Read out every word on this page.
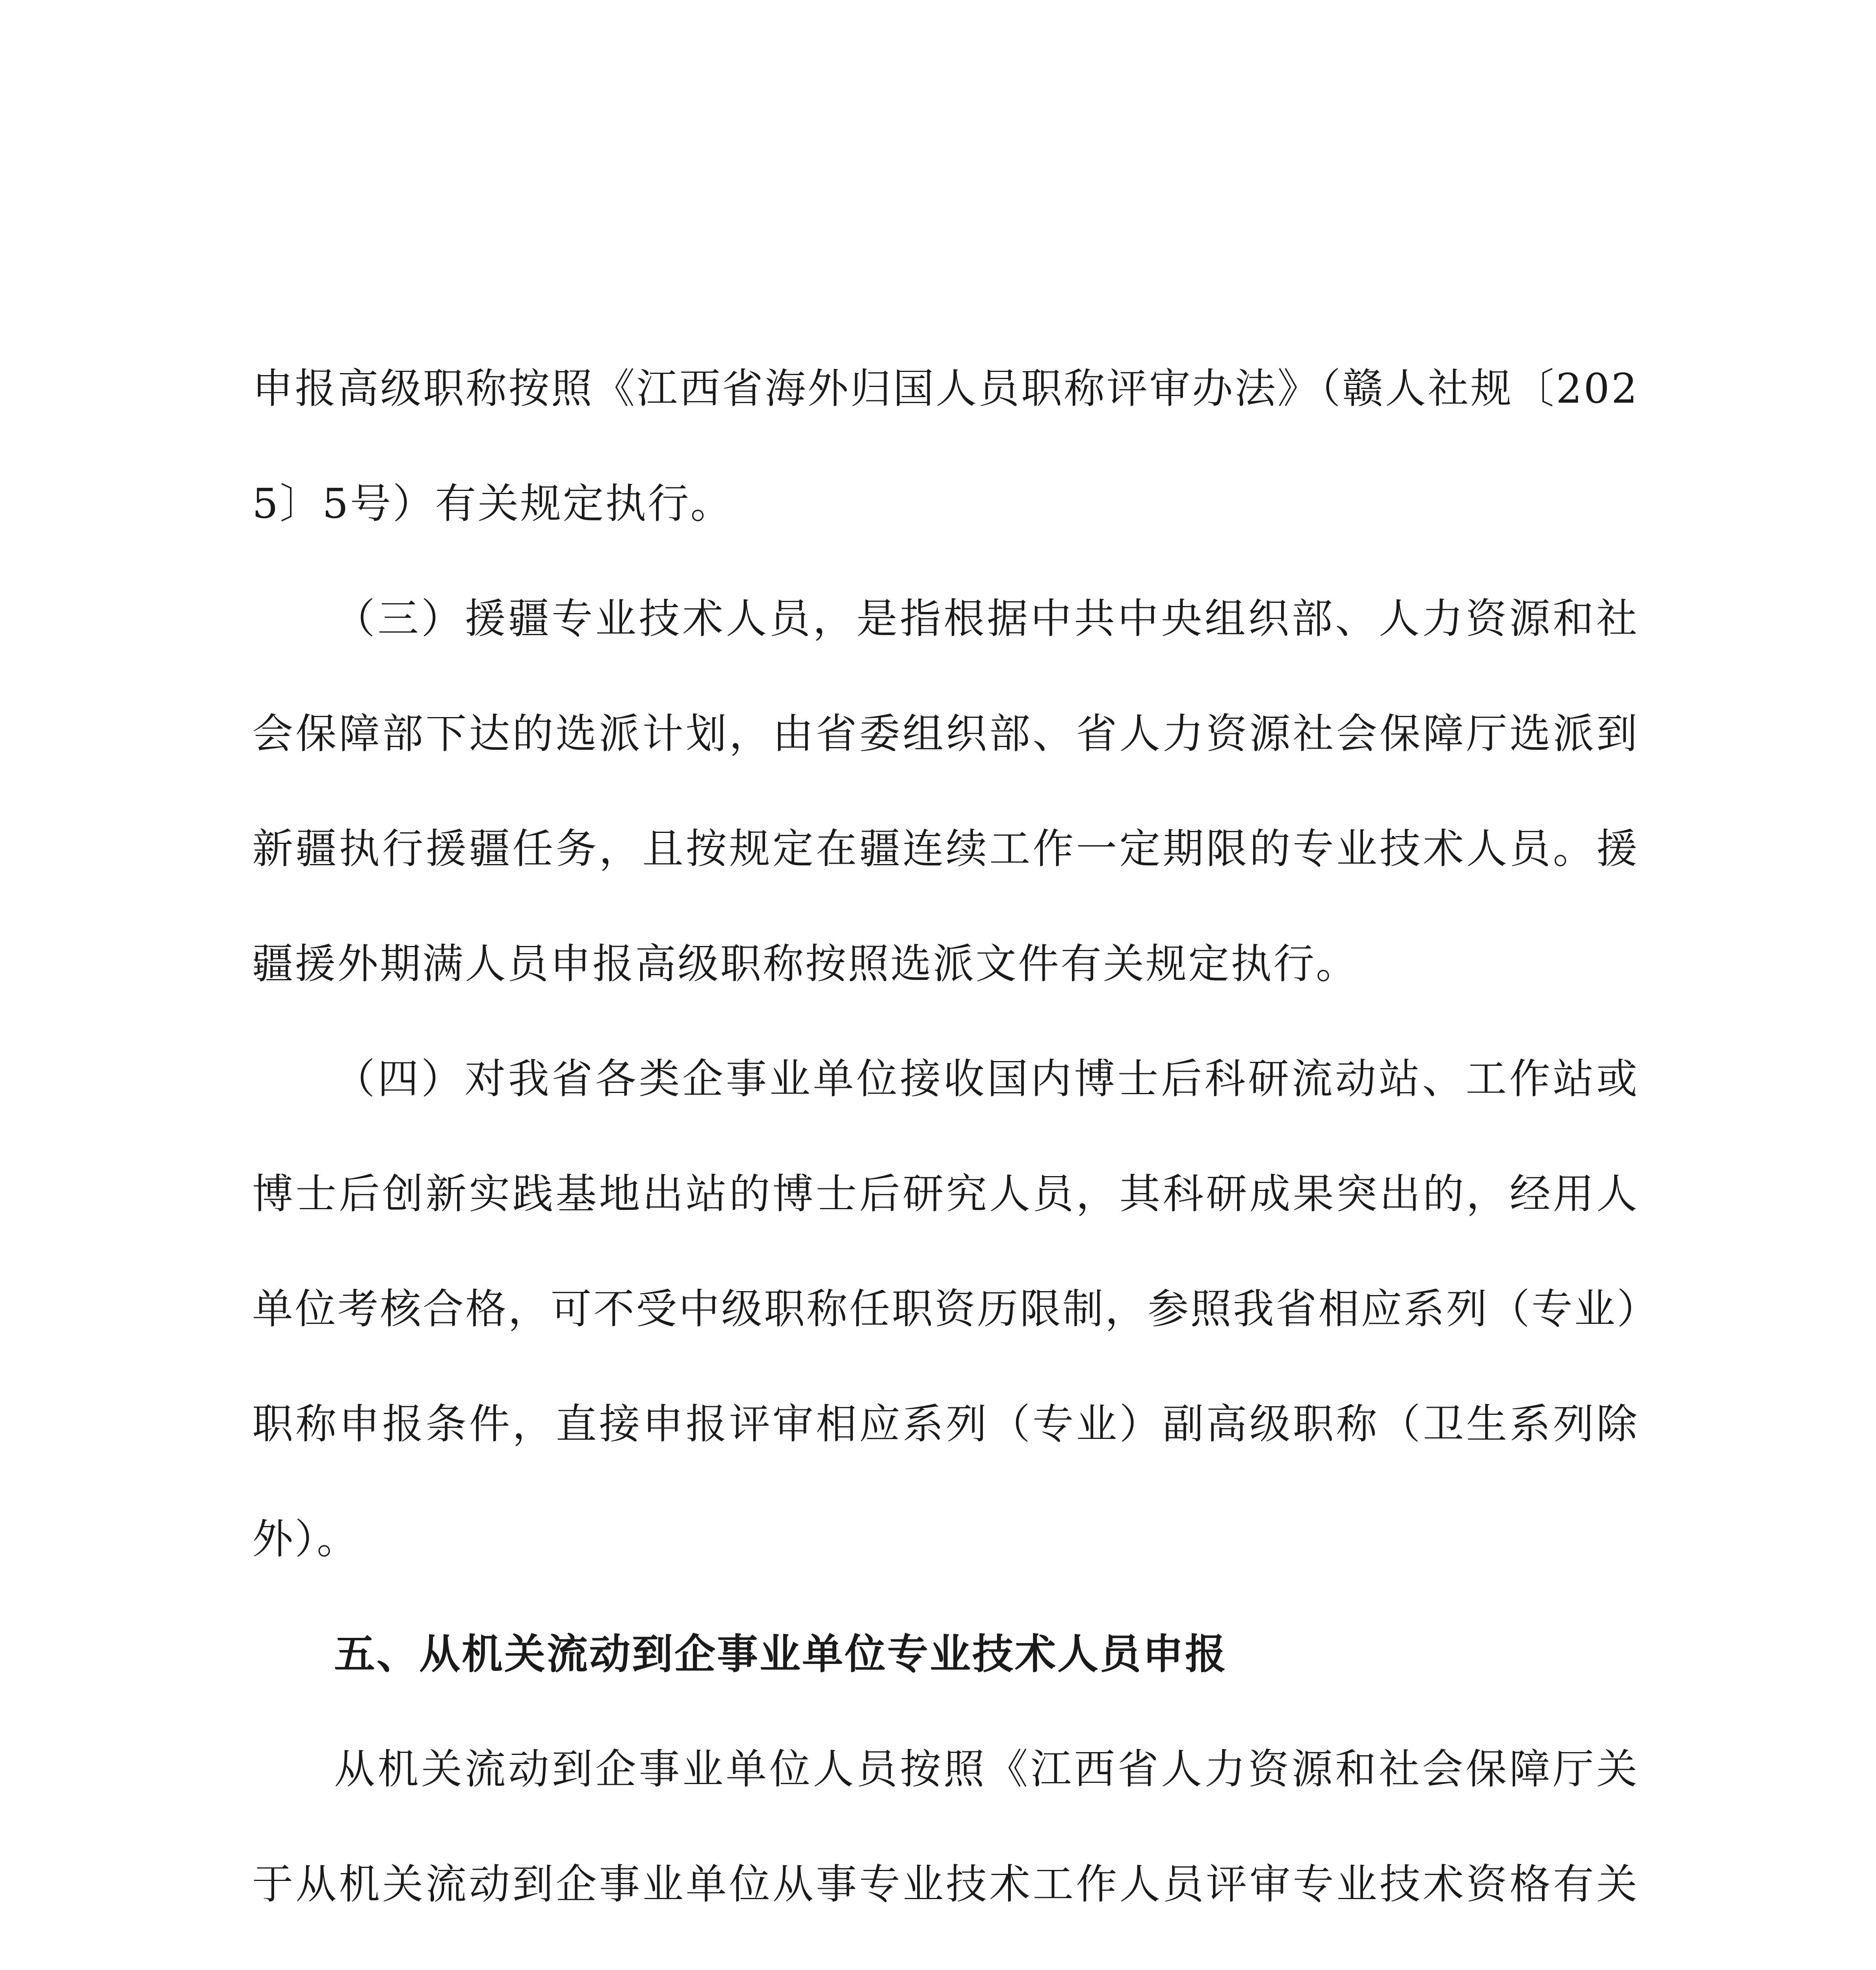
申报高级职称按照《江西省海外归国人员职称评审办法》（赣人社规〔2025〕5号）有关规定执行。

（三）援疆专业技术人员，是指根据中共中央组织部、人力资源和社会保障部下达的选派计划，由省委组织部、省人力资源社会保障厅选派到新疆执行援疆任务，且按规定在疆连续工作一定期限的专业技术人员。援疆援外期满人员申报高级职称按照选派文件有关规定执行。

（四）对我省各类企事业单位接收国内博士后科研流动站、工作站或博士后创新实践基地出站的博士后研究人员，其科研成果突出的，经用人单位考核合格，可不受中级职称任职资历限制，参照我省相应系列（专业）职称申报条件，直接申报评审相应系列（专业）副高级职称（卫生系列除外）。

五、从机关流动到企事业单位专业技术人员申报

从机关流动到企事业单位人员按照《江西省人力资源和社会保障厅关于从机关流动到企事业单位从事专业技术工作人员评审专业技术资格有关
